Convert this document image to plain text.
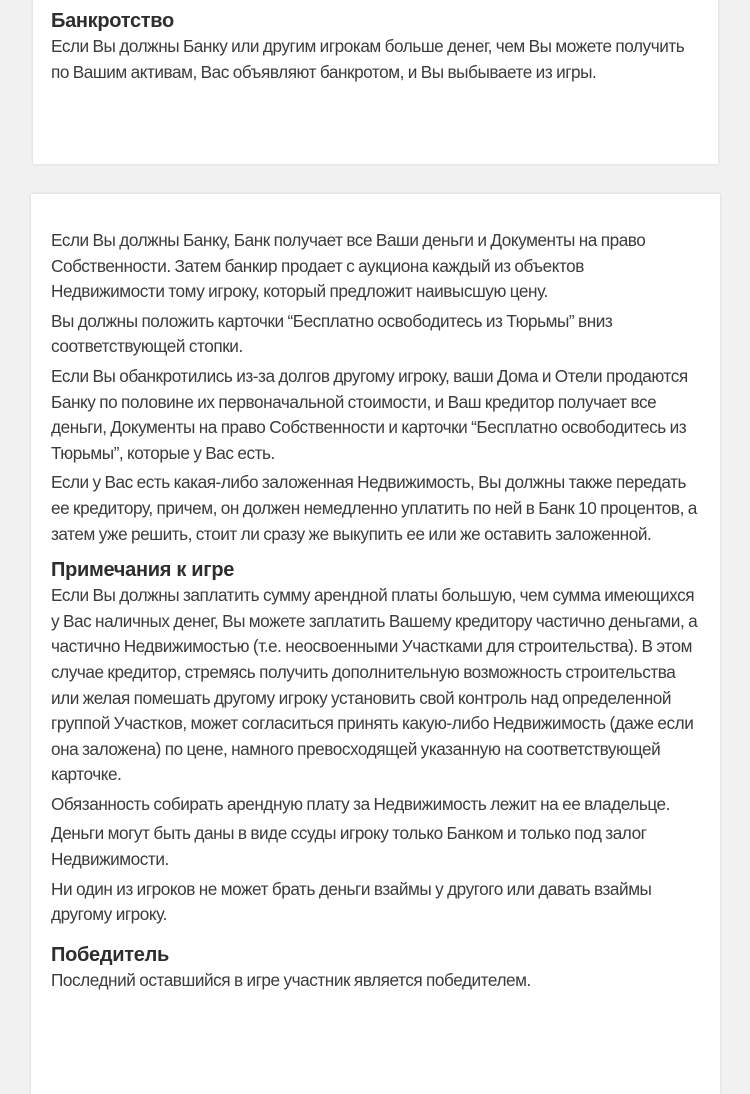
Банкротство

Если Вы должны Банку или другим игрокам больше денег, чем Вы можете получить по Вашим активам, Вас объявляют банкротом, и Вы выбываете из игры.

Если Вы должны Банку, Банк получает все Ваши деньги и Документы на право Собственности. Затем банкир продает с аукциона каждый из объектов Недвижимости тому игроку, который предложит наивысшую цену.

Вы должны положить карточки “Бесплатно освободитесь из Тюрьмы” вниз соответствующей стопки.

Если Вы обанкротились из-за долгов другому игроку, ваши Дома и Отели продаются Банку по половине их первоначальной стоимости, и Ваш кредитор получает все деньги, Документы на право Собственности и карточки “Бесплатно освободитесь из Тюрьмы”, которые у Вас есть.

Если у Вас есть какая-либо заложенная Недвижимость, Вы должны также передать ее кредитору, причем, он должен немедленно уплатить по ней в Банк 10 процентов, а затем уже решить, стоит ли сразу же выкупить ее или же оставить заложенной.

Примечания к игре

Если Вы должны заплатить сумму арендной платы большую, чем сумма имеющихся у Вас наличных денег, Вы можете заплатить Вашему кредитору частично деньгами, а частично Недвижимостью (т.е. неосвоенными Участками для строительства). В этом случае кредитор, стремясь получить дополнительную возможность строительства или желая помешать другому игроку установить свой контроль над определенной группой Участков, может согласиться принять какую-либо Недвижимость (даже если она заложена) по цене, намного превосходящей указанную на соответствующей карточке.

Обязанность собирать арендную плату за Недвижимость лежит на ее владельце.

Деньги могут быть даны в виде ссуды игроку только Банком и только под залог Недвижимости.

Ни один из игроков не может брать деньги взаймы у другого или давать взаймы другому игроку.

Победитель

Последний оставшийся в игре участник является победителем.
